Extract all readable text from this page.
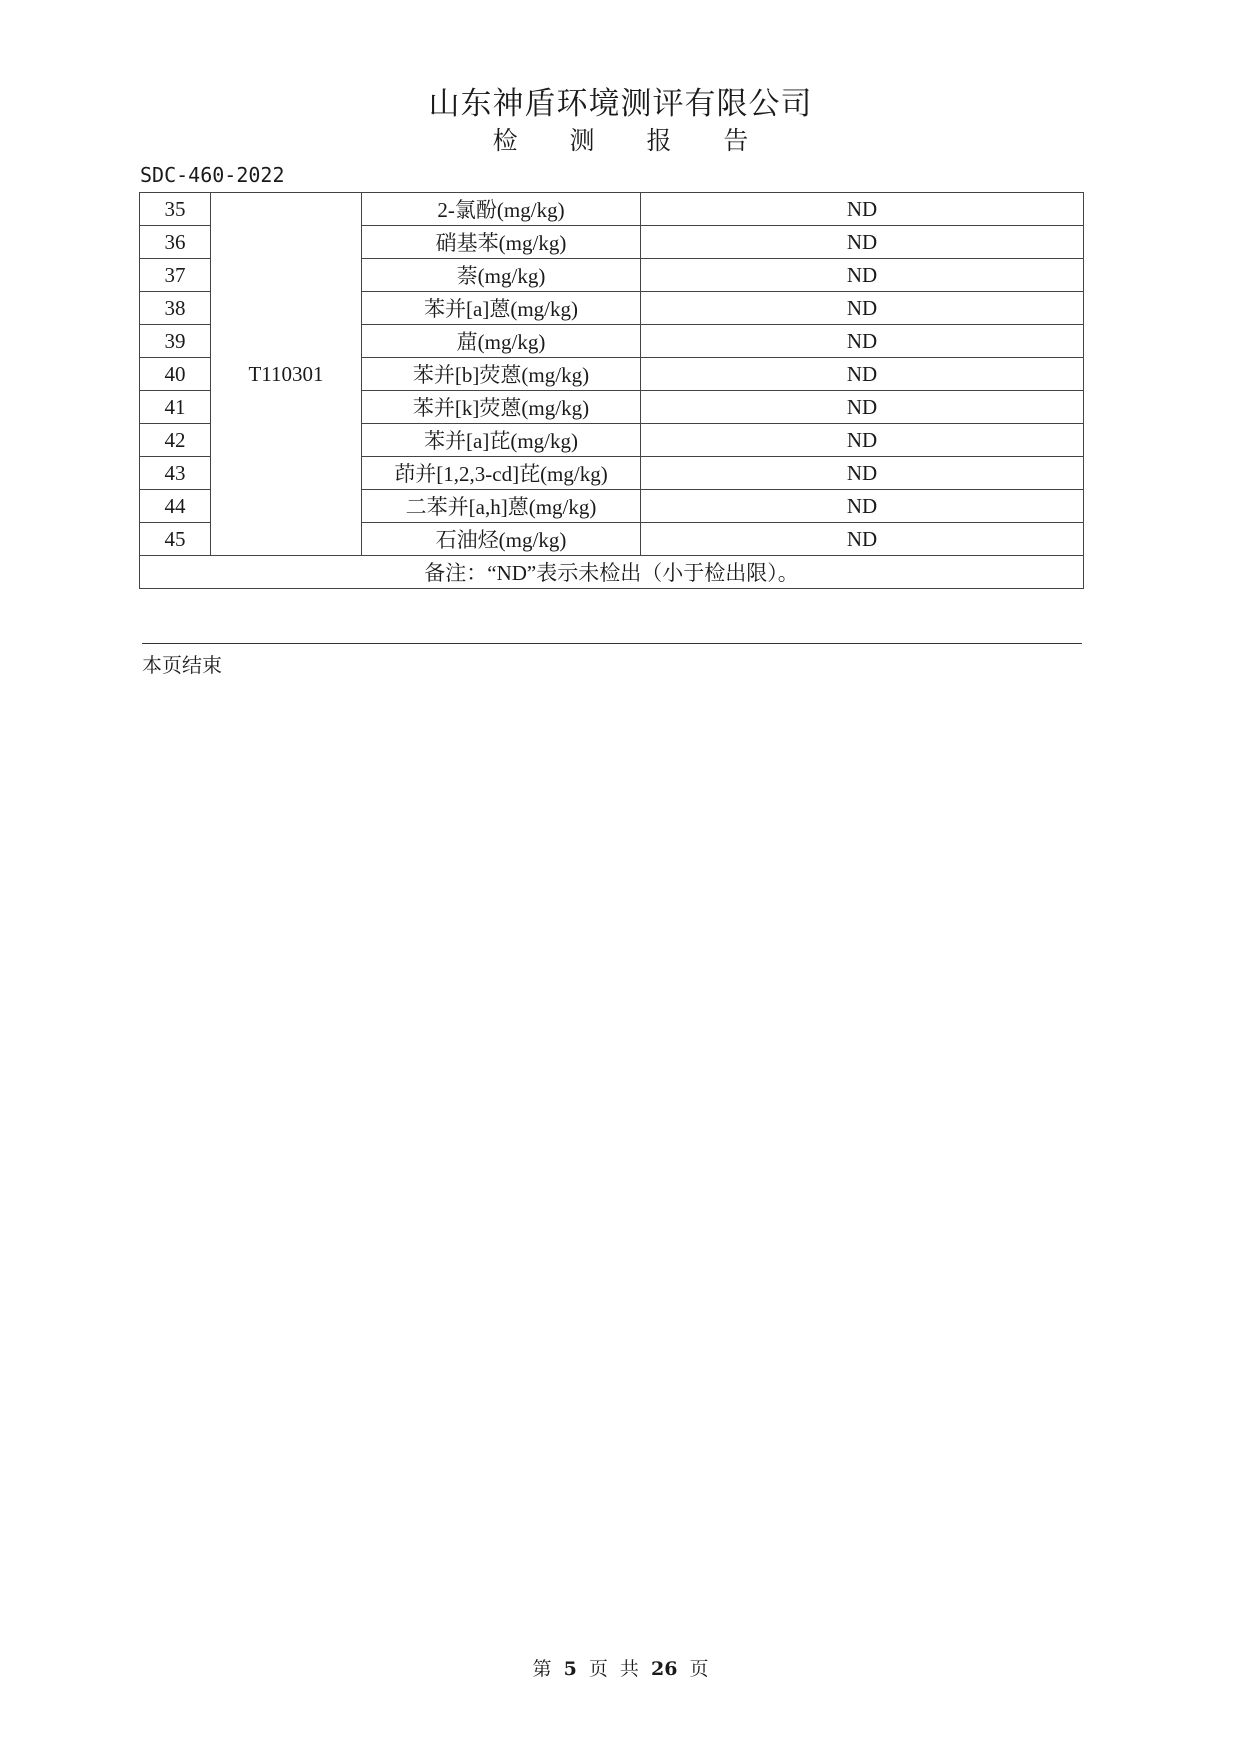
山东神盾环境测评有限公司
检 测 报 告
SDC-460-2022
35	T110301	2-氯酚(mg/kg)	ND
36		硝基苯(mg/kg)	ND
37		萘(mg/kg)	ND
38		苯并[a]蒽(mg/kg)	ND
39		䓛(mg/kg)	ND
40		苯并[b]荧蒽(mg/kg)	ND
41		苯并[k]荧蒽(mg/kg)	ND
42		苯并[a]芘(mg/kg)	ND
43		茚并[1,2,3-cd]芘(mg/kg)	ND
44		二苯并[a,h]蒽(mg/kg)	ND
45		石油烃(mg/kg)	ND
备注：“ND”表示未检出（小于检出限）。			
本页结束
第 5 页 共 26 页
